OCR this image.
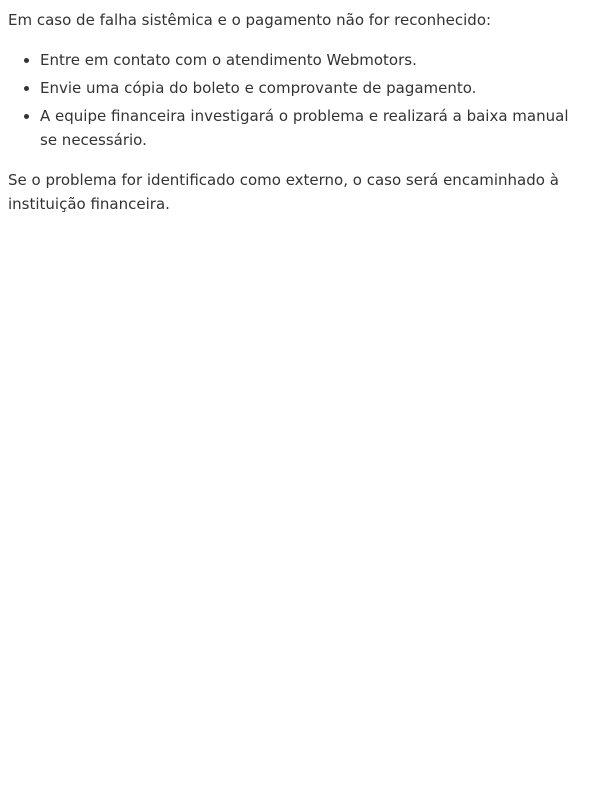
Em caso de falha sistêmica e o pagamento não for reconhecido:

• Entre em contato com o atendimento Webmotors.
• Envie uma cópia do boleto e comprovante de pagamento.
• A equipe financeira investigará o problema e realizará a baixa manual se necessário.

Se o problema for identificado como externo, o caso será encaminhado à instituição financeira.
